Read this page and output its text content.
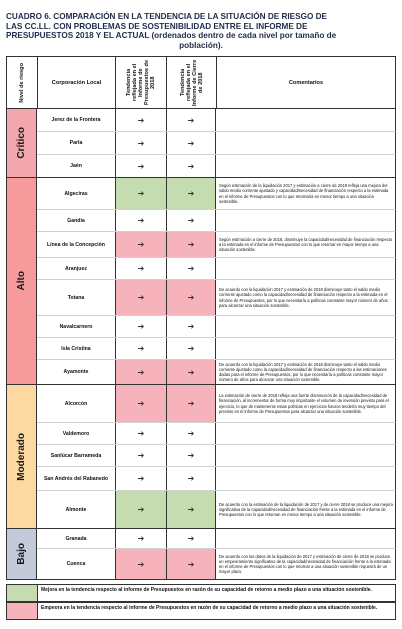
CUADRO 6. COMPARACIÓN EN LA TENDENCIA DE LA SITUACIÓN DE RIESGO DE
LAS CC.LL. CON PROBLEMAS DE SOSTENIBILIDAD ENTRE EL INFORME DE
PRESUPUESTOS 2018 Y EL ACTUAL (ordenados dentro de cada nivel por tamaño de
población).
Nivel de riesgo	Corporación Local	Tendencia reflejada en el Informe de Presupuestos de 2018	Tendencia reflejada en el Informe de Cierre de 2018	Comentarios
Crítico
Jerez de la Frontera	➔	➔
Parla	➔	➔
Jaén	➔	➔
Alto
Algeciras	➔	➔
Según estimación de la liquidación 2017 y estimación a cierre de 2018 refleja una mejora del saldo medio corriente ajustado y capacidad/necesidad de financiación respecto a la estimada en el informe de Presupuestos con lo que retornaría en menor tiempo a una situación sostenible.
Gandía	➔	➔
Línea de la Concepción	➔	➔
Según estimación a cierre de 2018, disminuye la capacidad/necesidad de financiación respecto a la estimada en el informe de Presupuestos con lo que retornar en mayor tiempo a una situación sostenible.
Aranjuez	➔	➔
Totana	➔	➔
De acuerdo con la liquidación 2017 y estimación de 2018 disminuye tanto el saldo medio corriente ajustado como la capacidad/necesidad de financiación respecto a la estimada en el informe de Presupuestos, por lo que necesitaría a políticas constante mayor número de años para alcanzar una situación sostenible.
Navalcarnero	➔	➔
Isla Cristina	➔	➔
Ayamonte	➔	➔
De acuerdo con la liquidación 2017 y estimación de 2018 disminuye tanto el saldo medio corriente ajustado como la capacidad/necesidad de financiación respecto a las estimaciones dadas para el informe de Presupuestos, por lo que necesitaría a políticas constante mayor número de años para alcanzar una situación sostenible.
Moderado
Alcorcón	➔	➔
La estimación de cierre de 2018 refleja una fuerte disminución de la capacidad/necesidad de financiación, al incrementar de forma muy importante el volumen de inversión previsto para el ejercicio, lo que de mantenerse estas políticas en ejercicios futuros tendería muy tiempo del previsto en el informe de Presupuestos para alcanzar una situación sostenible.
Valdemoro	➔	➔
Sanlúcar Barrameda	➔	➔
San Andrés del Rabanedo	➔	➔
Almonte	➔	➔
De acuerdo con la estimación de la liquidación de 2017 y de cierre 2018 se produce una mejora significativa de la capacidad/necesidad de financiación frente a la estimada en el informe de Presupuestos con lo que retornan en menor tiempo a una situación sostenible.
Bajo
Granada	➔	➔
Cuenca	➔	➔
De acuerdo con los datos de la liquidación de 2017 y estimación de cierre de 2018 se produce un empeoramiento significativo de la capacidad/necesidad de financiación frente a la estimada en el informe de Presupuestos con lo que retornar a una situación sostenible requerirá de un mayor plazo.
Mejora en la tendencia respecto al informe de Presupuestos en razón de su capacidad de retorno a medio plazo a una situación sostenible.
Empeora en la tendencia respecto al informe de Presupuestos en razón de su capacidad de retorno a medio plazo a una situación sostenible.
